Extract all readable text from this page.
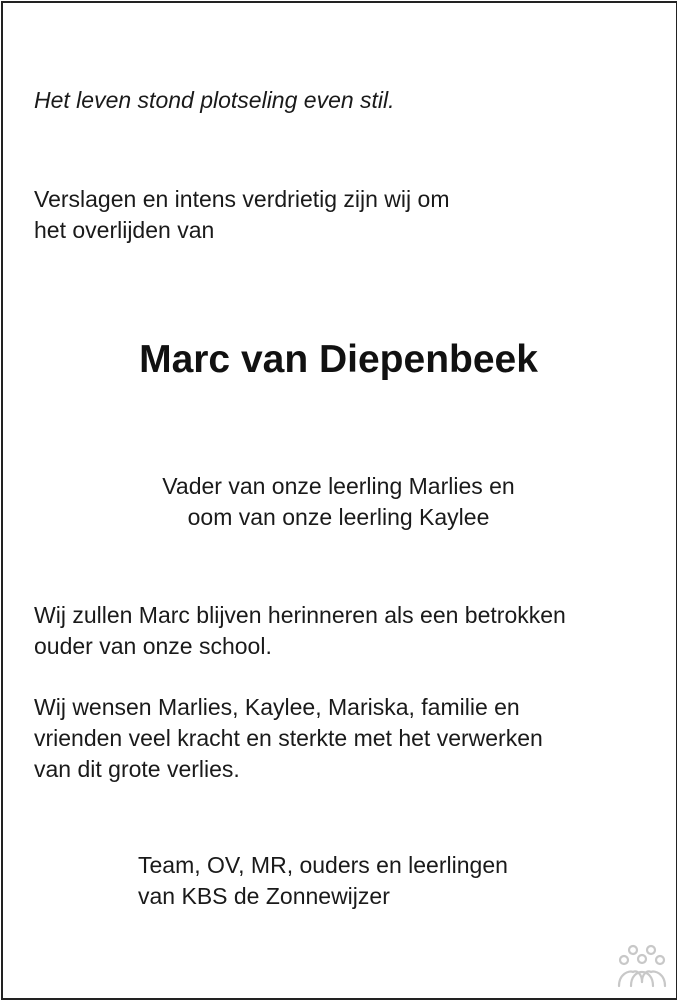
Het leven stond plotseling even stil.
Verslagen en intens verdrietig zijn wij om
het overlijden van
Marc van Diepenbeek
Vader van onze leerling Marlies en
oom van onze leerling Kaylee
Wij zullen Marc blijven herinneren als een betrokken
ouder van onze school.
Wij wensen Marlies, Kaylee, Mariska, familie en
vrienden veel kracht en sterkte met het verwerken
van dit grote verlies.
Team, OV, MR, ouders en leerlingen
van KBS de Zonnewijzer
